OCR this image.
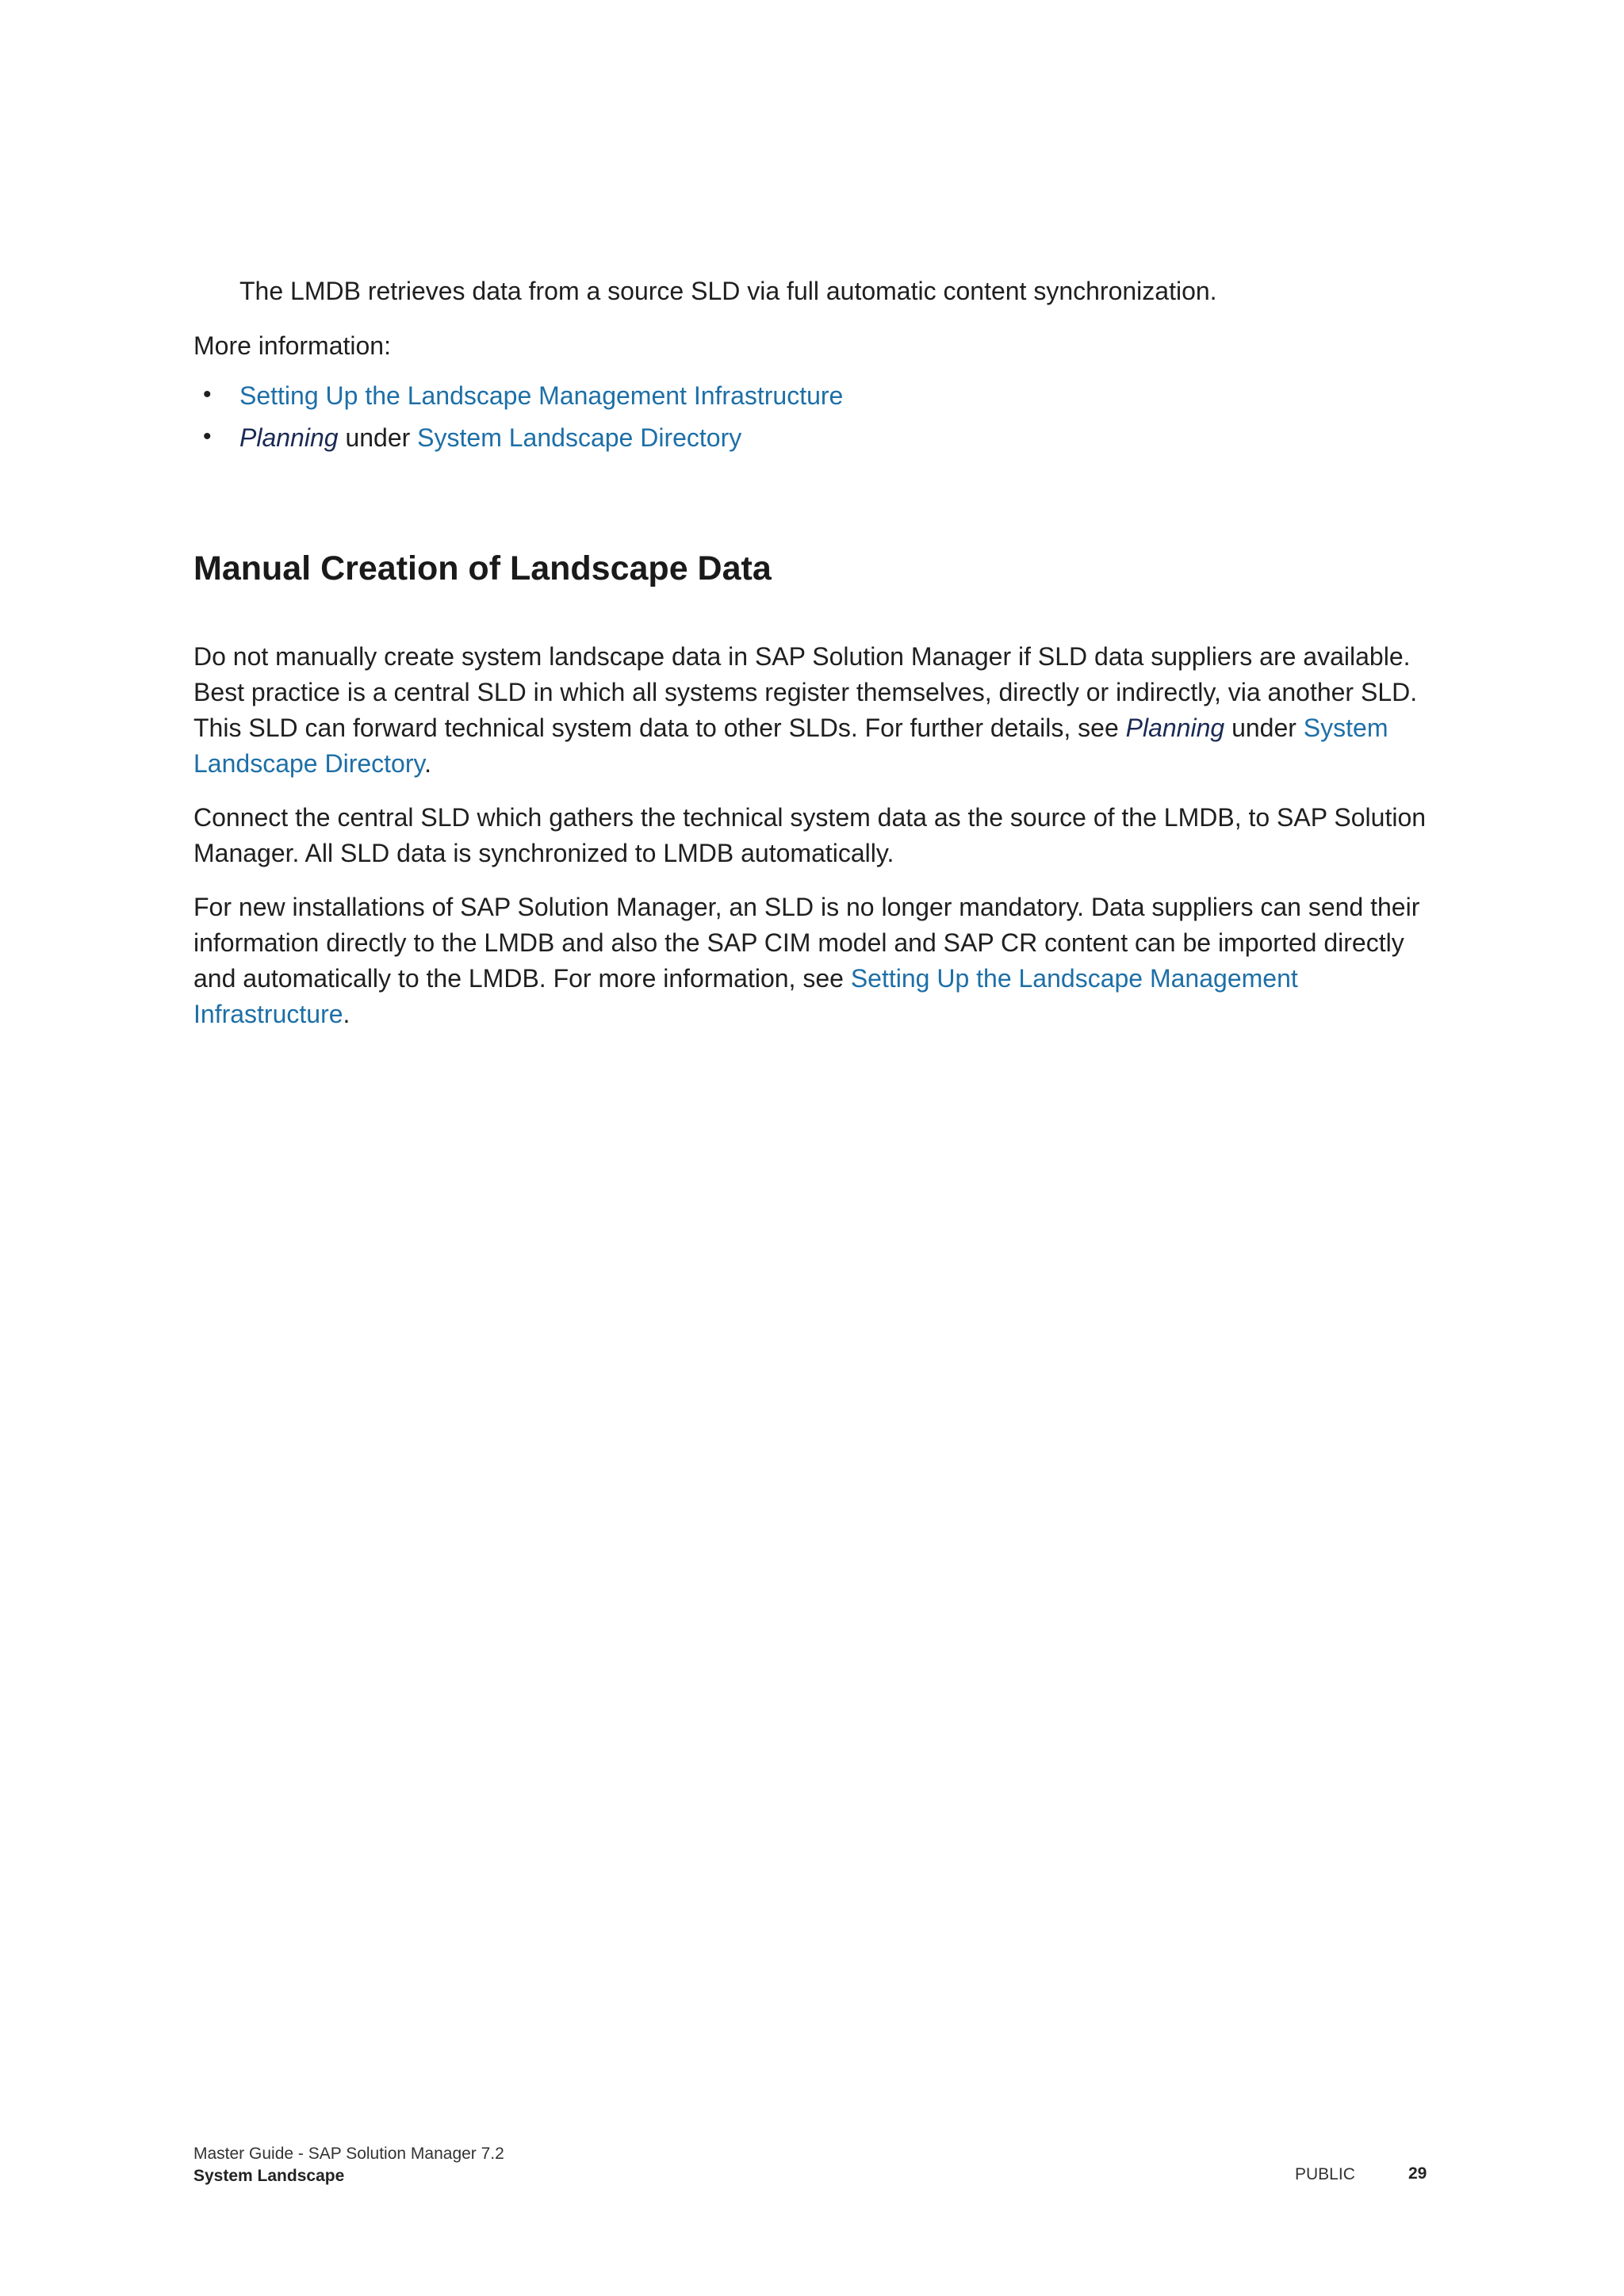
The LMDB retrieves data from a source SLD via full automatic content synchronization.

More information:

• Setting Up the Landscape Management Infrastructure
• Planning under System Landscape Directory
Manual Creation of Landscape Data

Do not manually create system landscape data in SAP Solution Manager if SLD data suppliers are available. Best practice is a central SLD in which all systems register themselves, directly or indirectly, via another SLD. This SLD can forward technical system data to other SLDs. For further details, see Planning under System Landscape Directory.

Connect the central SLD which gathers the technical system data as the source of the LMDB, to SAP Solution Manager. All SLD data is synchronized to LMDB automatically.

For new installations of SAP Solution Manager, an SLD is no longer mandatory. Data suppliers can send their information directly to the LMDB and also the SAP CIM model and SAP CR content can be imported directly and automatically to the LMDB. For more information, see Setting Up the Landscape Management Infrastructure.

Master Guide - SAP Solution Manager 7.2
System Landscape	PUBLIC	29
